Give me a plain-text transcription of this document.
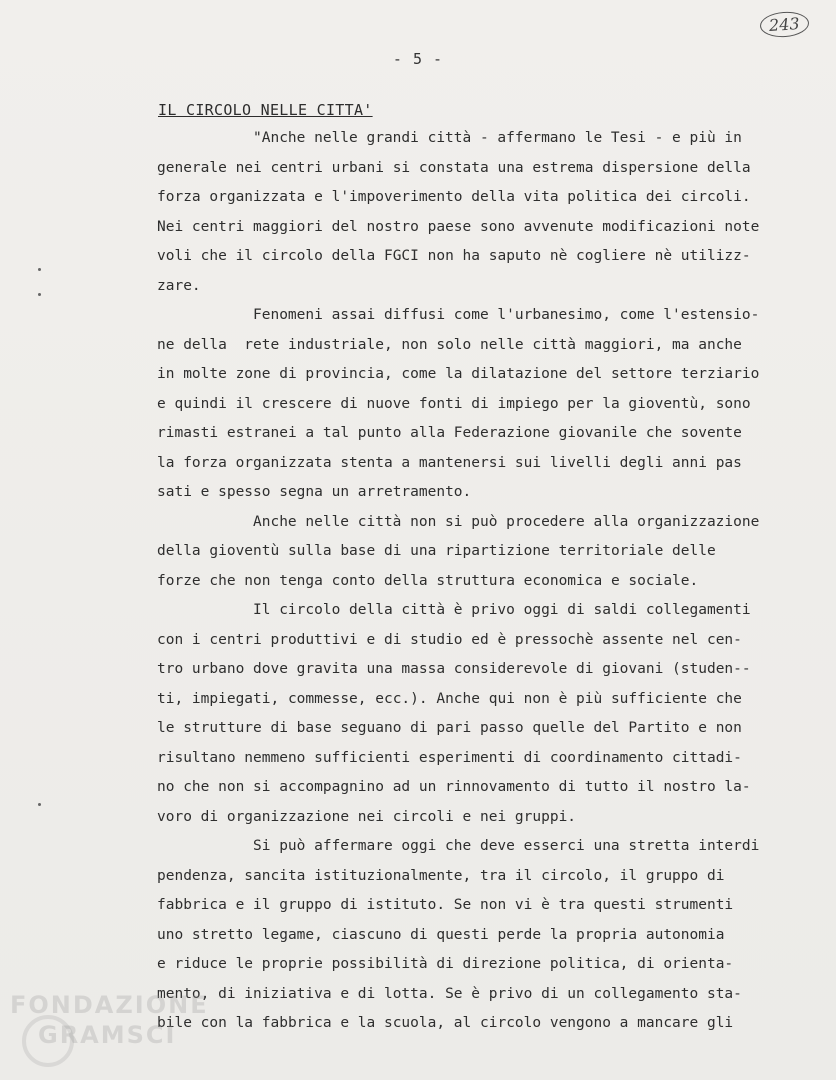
243
- 5 -
IL CIRCOLO NELLE CITTA'
"Anche nelle grandi città - affermano le Tesi - e più in
generale nei centri urbani si constata una estrema dispersione della
forza organizzata e l'impoverimento della vita politica dei circoli.
Nei centri maggiori del nostro paese sono avvenute modificazioni note
voli che il circolo della FGCI non ha saputo nè cogliere nè utilizz-
zare.
Fenomeni assai diffusi come l'urbanesimo, come l'estensio-
ne della  rete industriale, non solo nelle città maggiori, ma anche
in molte zone di provincia, come la dilatazione del settore terziario
e quindi il crescere di nuove fonti di impiego per la gioventù, sono
rimasti estranei a tal punto alla Federazione giovanile che sovente
la forza organizzata stenta a mantenersi sui livelli degli anni pas
sati e spesso segna un arretramento.
Anche nelle città non si può procedere alla organizzazione
della gioventù sulla base di una ripartizione territoriale delle
forze che non tenga conto della struttura economica e sociale.
Il circolo della città è privo oggi di saldi collegamenti
con i centri produttivi e di studio ed è pressochè assente nel cen-
tro urbano dove gravita una massa considerevole di giovani (studen--
ti, impiegati, commesse, ecc.). Anche qui non è più sufficiente che
le strutture di base seguano di pari passo quelle del Partito e non
risultano nemmeno sufficienti esperimenti di coordinamento cittadi-
no che non si accompagnino ad un rinnovamento di tutto il nostro la-
voro di organizzazione nei circoli e nei gruppi.
Si può affermare oggi che deve esserci una stretta interdi
pendenza, sancita istituzionalmente, tra il circolo, il gruppo di
fabbrica e il gruppo di istituto. Se non vi è tra questi strumenti
uno stretto legame, ciascuno di questi perde la propria autonomia
e riduce le proprie possibilità di direzione politica, di orienta-
mento, di iniziativa e di lotta. Se è privo di un collegamento sta-
bile con la fabbrica e la scuola, al circolo vengono a mancare gli
FONDAZIONE
GRAMSCI
